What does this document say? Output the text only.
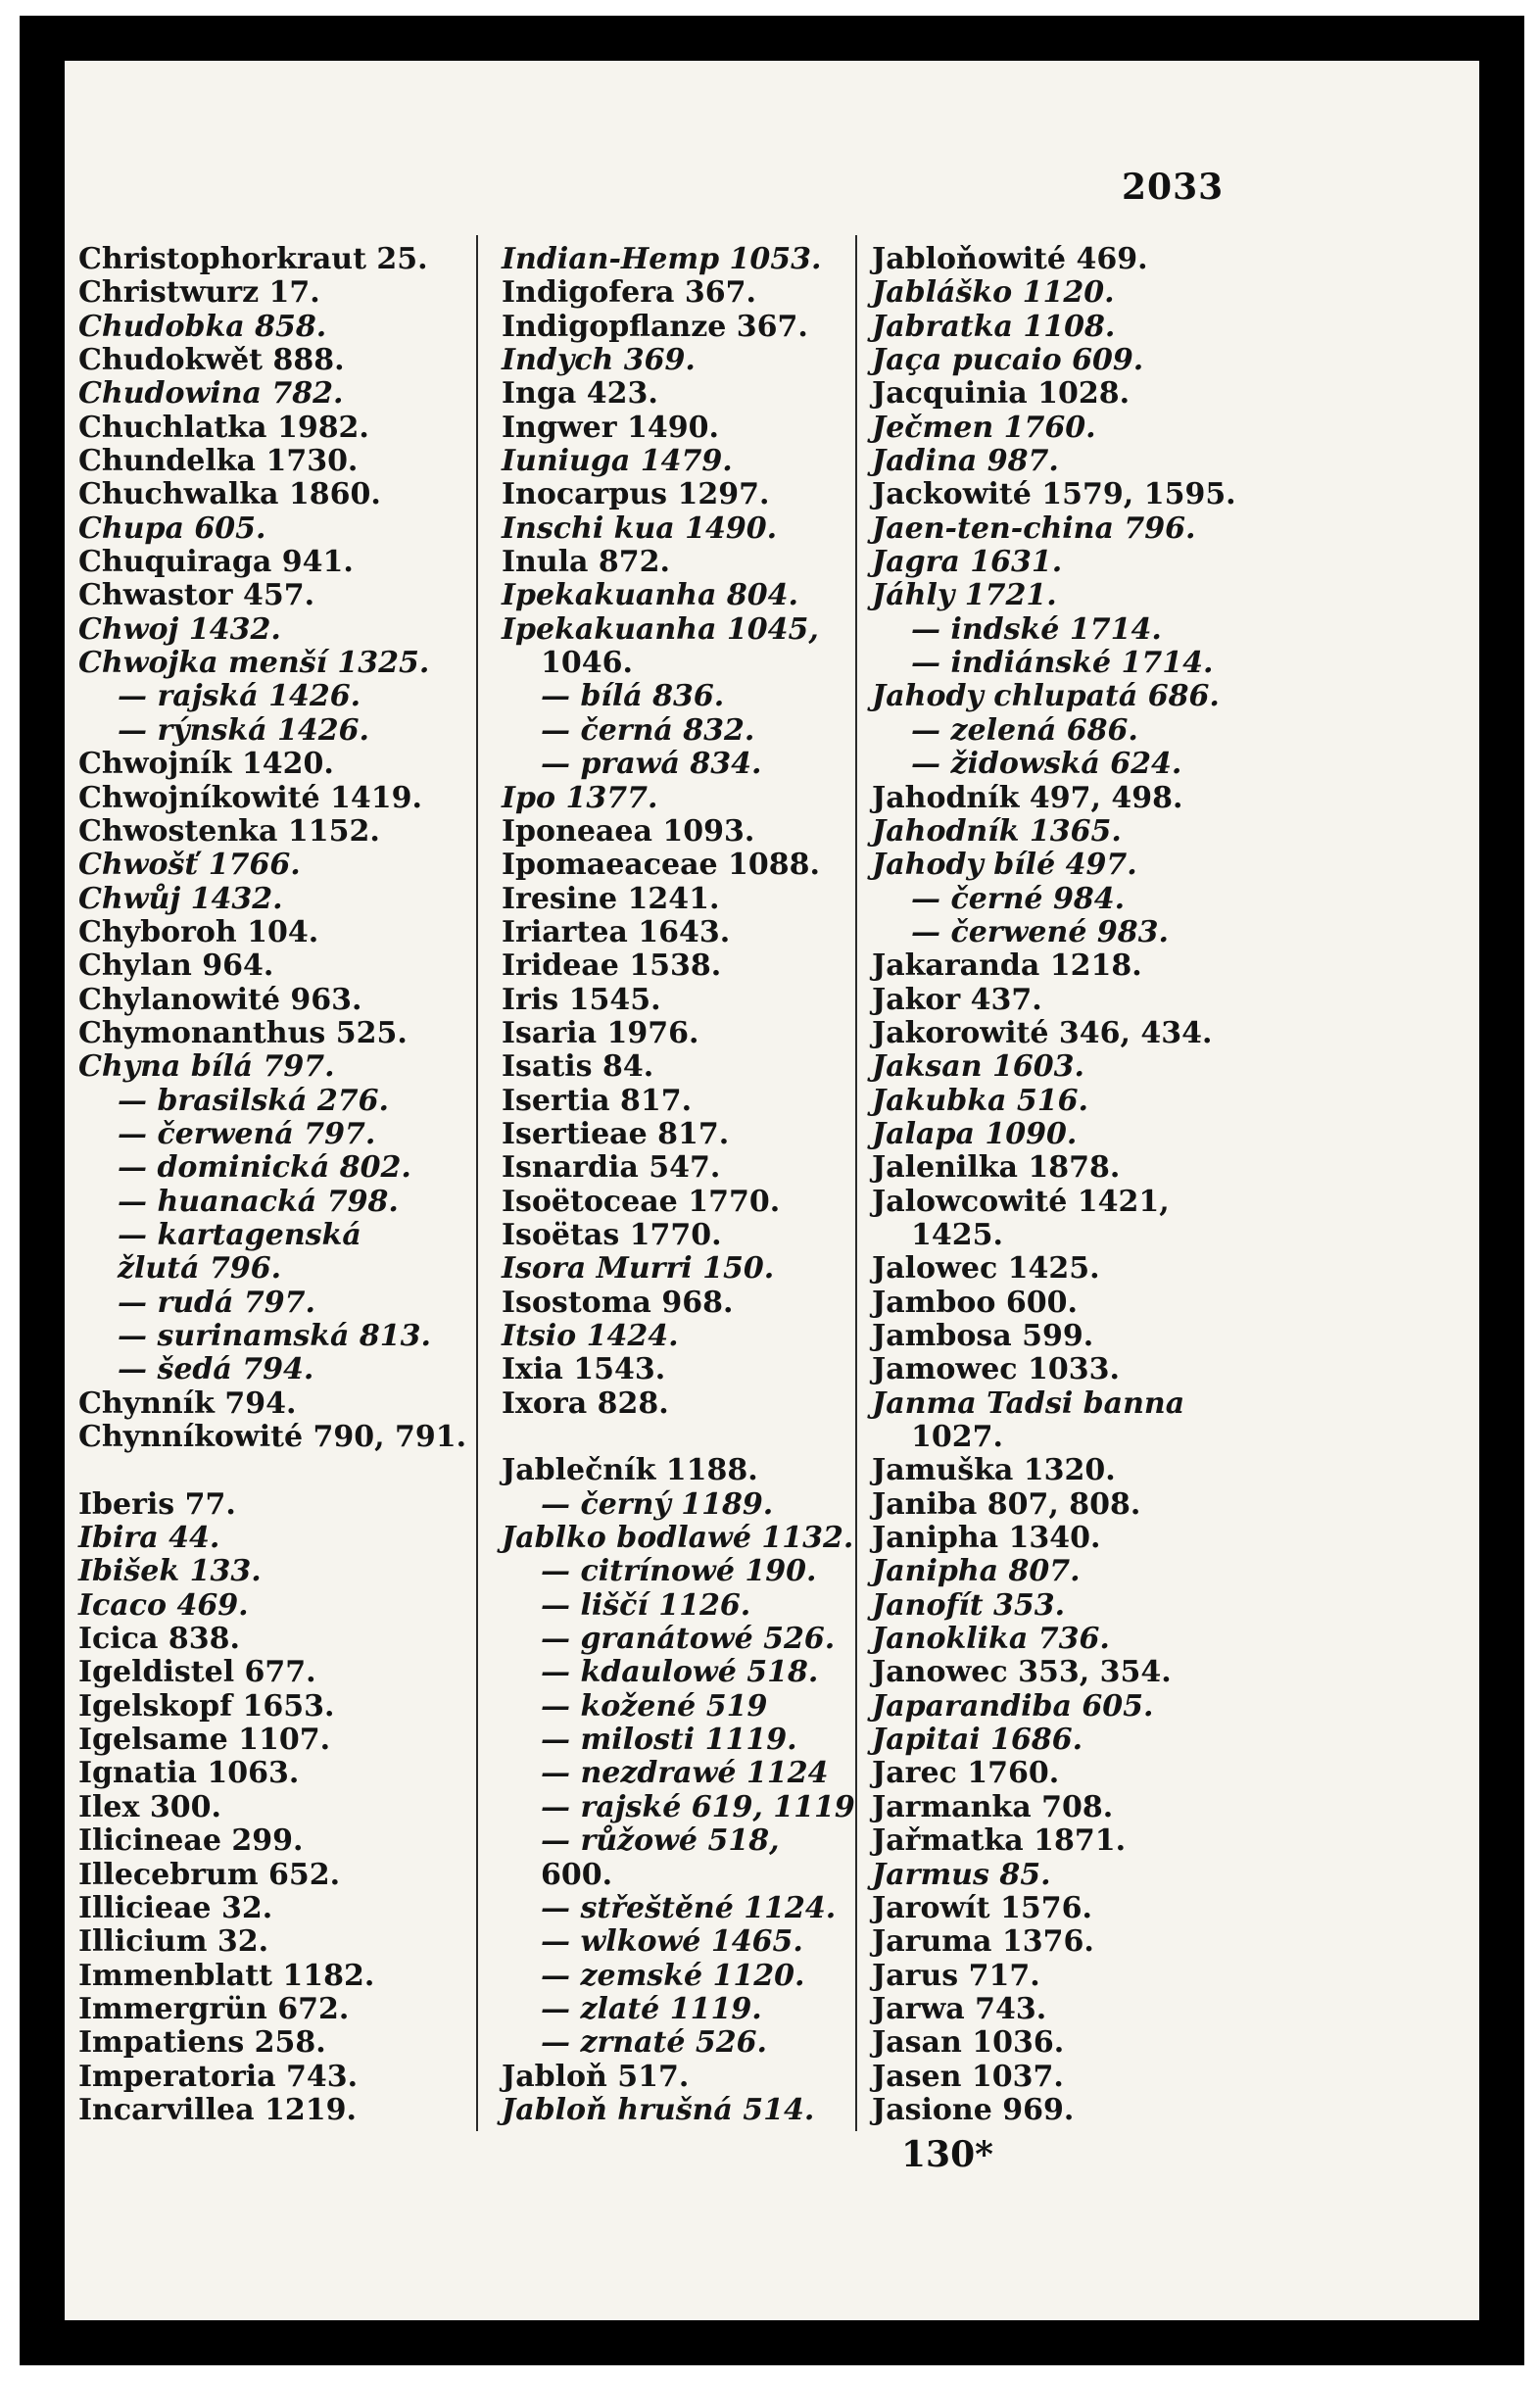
2033
Christophorkraut 25.
Christwurz 17.
Chudobka 858.
Chudokwět 888.
Chudowina 782.
Chuchlatka 1982.
Chundelka 1730.
Chuchwalka 1860.
Chupa 605.
Chuquiraga 941.
Chwastor 457.
Chwoj 1432.
Chwojka menší 1325.
— rajská 1426.
— rýnská 1426.
Chwojník 1420.
Chwojníkowité 1419.
Chwostenka 1152.
Chwošť 1766.
Chwůj 1432.
Chyboroh 104.
Chylan 964.
Chylanowité 963.
Chymonanthus 525.
Chyna bílá 797.
— brasilská 276.
— čerwená 797.
— dominická 802.
— huanacká 798.
— kartagenská
žlutá 796.
— rudá 797.
— surinamská 813.
— šedá 794.
Chynník 794.
Chynníkowité 790, 791.
Iberis 77.
Ibira 44.
Ibišek 133.
Icaco 469.
Icica 838.
Igeldistel 677.
Igelskopf 1653.
Igelsame 1107.
Ignatia 1063.
Ilex 300.
Ilicineae 299.
Illecebrum 652.
Illicieae 32.
Illicium 32.
Immenblatt 1182.
Immergrün 672.
Impatiens 258.
Imperatoria 743.
Incarvillea 1219.
Indian-Hemp 1053.
Indigofera 367.
Indigopflanze 367.
Indych 369.
Inga 423.
Ingwer 1490.
Iuniuga 1479.
Inocarpus 1297.
Inschi kua 1490.
Inula 872.
Ipekakuanha 804.
Ipekakuanha 1045,
1046.
— bílá 836.
— černá 832.
— prawá 834.
Ipo 1377.
Iponeaea 1093.
Ipomaeaceae 1088.
Iresine 1241.
Iriartea 1643.
Irideae 1538.
Iris 1545.
Isaria 1976.
Isatis 84.
Isertia 817.
Isertieae 817.
Isnardia 547.
Isoëtoceae 1770.
Isoëtas 1770.
Isora Murri 150.
Isostoma 968.
Itsio 1424.
Ixia 1543.
Ixora 828.
Jablečník 1188.
— černý 1189.
Jablko bodlawé 1132.
— citrínowé 190.
— liščí 1126.
— granátowé 526.
— kdaulowé 518.
— kožené 519
— milosti 1119.
— nezdrawé 1124
— rajské 619, 1119
— růžowé 518,
600.
— střeštěné 1124.
— wlkowé 1465.
— zemské 1120.
— zlaté 1119.
— zrnaté 526.
Jabloň 517.
Jabloň hrušná 514.
Jabloňowité 469.
Jabláško 1120.
Jabratka 1108.
Jaça pucaio 609.
Jacquinia 1028.
Ječmen 1760.
Jadina 987.
Jackowité 1579, 1595.
Jaen-ten-china 796.
Jagra 1631.
Jáhly 1721.
— indské 1714.
— indiánské 1714.
Jahody chlupatá 686.
— zelená 686.
— židowská 624.
Jahodník 497, 498.
Jahodník 1365.
Jahody bílé 497.
— černé 984.
— čerwené 983.
Jakaranda 1218.
Jakor 437.
Jakorowité 346, 434.
Jaksan 1603.
Jakubka 516.
Jalapa 1090.
Jalenilka 1878.
Jalowcowité 1421,
1425.
Jalowec 1425.
Jamboo 600.
Jambosa 599.
Jamowec 1033.
Janma Tadsi banna
1027.
Jamuška 1320.
Janiba 807, 808.
Janipha 1340.
Janipha 807.
Janofít 353.
Janoklika 736.
Janowec 353, 354.
Japarandiba 605.
Japitai 1686.
Jarec 1760.
Jarmanka 708.
Jařmatka 1871.
Jarmus 85.
Jarowít 1576.
Jaruma 1376.
Jarus 717.
Jarwa 743.
Jasan 1036.
Jasen 1037.
Jasione 969.
130*
